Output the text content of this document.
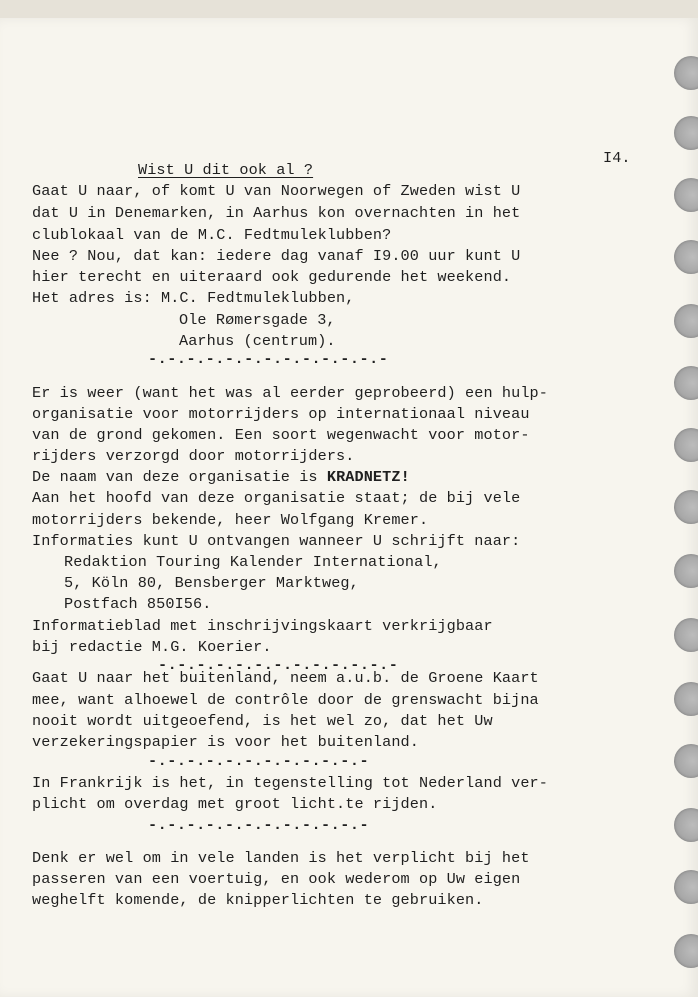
Wist U dit ook al ?
I4.
Gaat U naar, of komt U van Noorwegen of Zweden wist U
dat U in Denemarken, in Aarhus kon overnachten in het
clublokaal van de M.C. Fedtmuleklubben?
Nee ? Nou, dat kan: iedere dag vanaf I9.00 uur kunt U
hier terecht en uiteraard ook gedurende het weekend.
Het adres is: M.C. Fedtmuleklubben,
Ole Rømersgade 3,
Aarhus (centrum).
-.-.-.-.-.-.-.-.-.-.-.-.-
Er is weer (want het was al eerder geprobeerd) een hulp-
organisatie voor motorrijders op internationaal niveau
van de grond gekomen. Een soort wegenwacht voor motor-
rijders verzorgd door motorrijders.
De naam van deze organisatie is KRADNETZ!
Aan het hoofd van deze organisatie staat; de bij vele
motorrijders bekende, heer Wolfgang Kremer.
Informaties kunt U ontvangen wanneer U schrijft naar:
Redaktion Touring Kalender International,
5, Köln 80, Bensberger Marktweg,
Postfach 850I56.
Informatieblad met inschrijvingskaart verkrijgbaar
bij redactie M.G. Koerier.
-.-.-.-.-.-.-.-.-.-.-.-.-
Gaat U naar het buitenland, neem a.u.b. de Groene Kaart
mee, want alhoewel de contrôle door de grenswacht bijna
nooit wordt uitgeoefend, is het wel zo, dat het Uw
verzekeringspapier is voor het buitenland.
-.-.-.-.-.-.-.-.-.-.-.-
In Frankrijk is het, in tegenstelling tot Nederland ver-
plicht om overdag met groot licht.te rijden.
-.-.-.-.-.-.-.-.-.-.-.-
Denk er wel om in vele landen is het verplicht bij het
passeren van een voertuig, en ook wederom op Uw eigen
weghelft komende, de knipperlichten te gebruiken.
